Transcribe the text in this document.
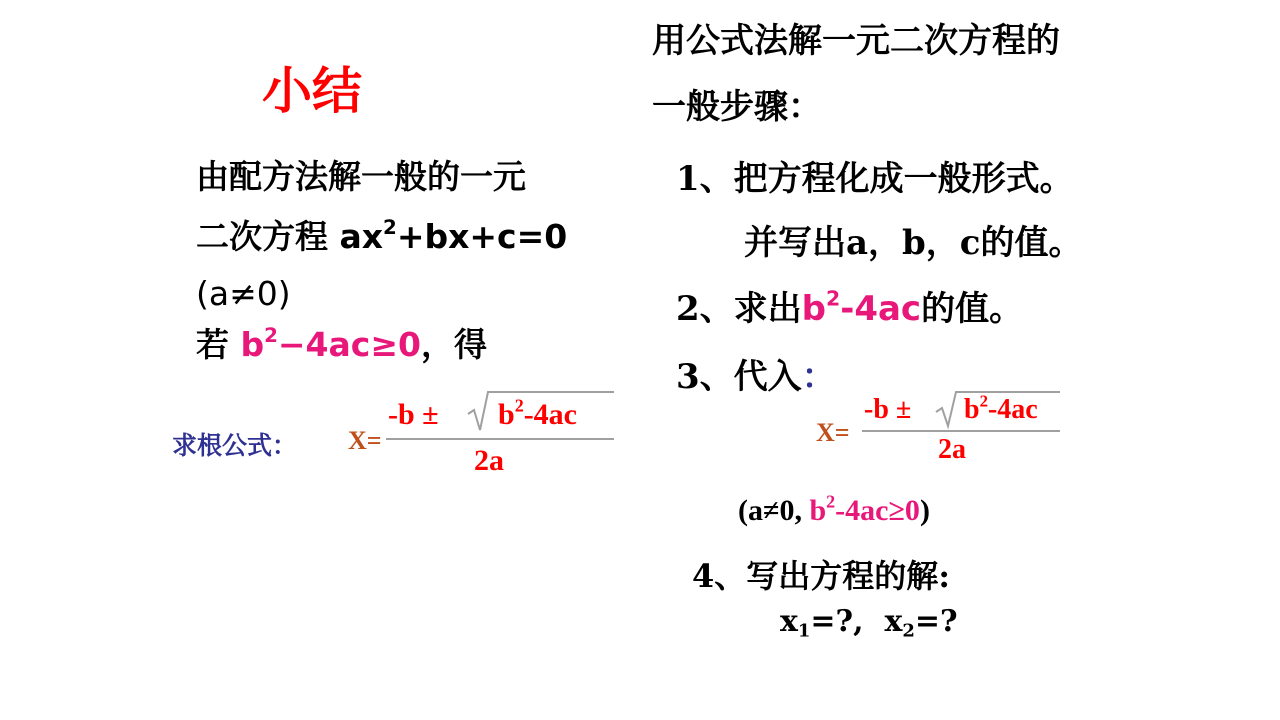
小结
由配方法解一般的一元
二次方程 $ax^2+bx+c=0$
(a≠0)
若 $b^2-4ac\ge 0$，得
求根公式： X=
$-b \pm b^2-4ac$
2a
用公式法解一元二次方程的
一般步骤：
1、把方程化成一般形式。
并写出a，b，c的值。
2、求出$b^2-4ac$的值。
3、代入：
X=
$-b \pm b^2-4ac$
2a
(a≠0, $b^2-4ac\ge 0$)
4、写出方程的解:
$x_1=$?, $x_2=$?
